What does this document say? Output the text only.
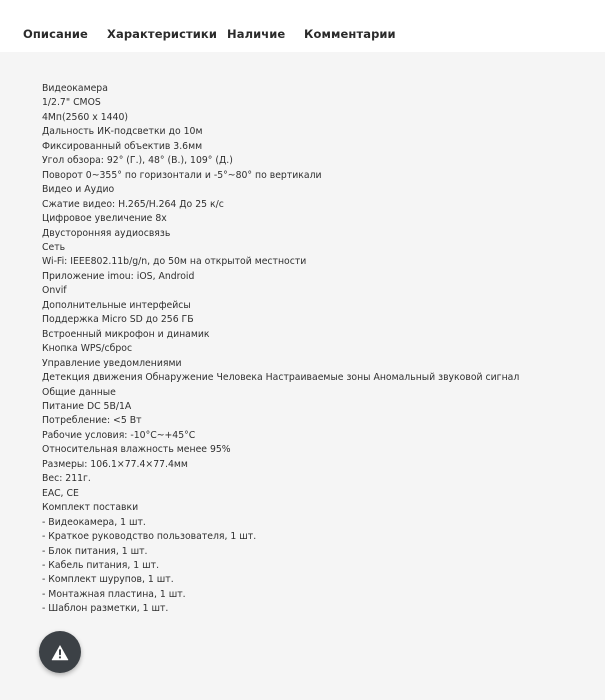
Описание Характеристики Наличие Комментарии
Видеокамера
1/2.7" CMOS
4Мп(2560 x 1440)
Дальность ИК-подсветки до 10м
Фиксированный объектив 3.6мм
Угол обзора: 92° (Г.), 48° (В.), 109° (Д.)
Поворот 0~355° по горизонтали и -5°~80° по вертикали
Видео и Аудио
Сжатие видео: H.265/H.264 До 25 к/с
Цифровое увеличение 8х
Двусторонняя аудиосвязь
Сеть
Wi-Fi: IEEE802.11b/g/n, до 50м на открытой местности
Приложение imou: iOS, Android
Onvif
Дополнительные интерфейсы
Поддержка Micro SD до 256 ГБ
Встроенный микрофон и динамик
Кнопка WPS/сброс
Управление уведомлениями
Детекция движения Обнаружение Человека Настраиваемые зоны Аномальный звуковой сигнал
Общие данные
Питание DC 5В/1А
Потребление: <5 Вт
Рабочие условия: -10°C~+45°C
Относительная влажность менее 95%
Размеры: 106.1×77.4×77.4мм
Вес: 211г.
EAC, CE
Комплект поставки
- Видеокамера, 1 шт.
- Краткое руководство пользователя, 1 шт.
- Блок питания, 1 шт.
- Кабель питания, 1 шт.
- Комплект шурупов, 1 шт.
- Монтажная пластина, 1 шт.
- Шаблон разметки, 1 шт.
